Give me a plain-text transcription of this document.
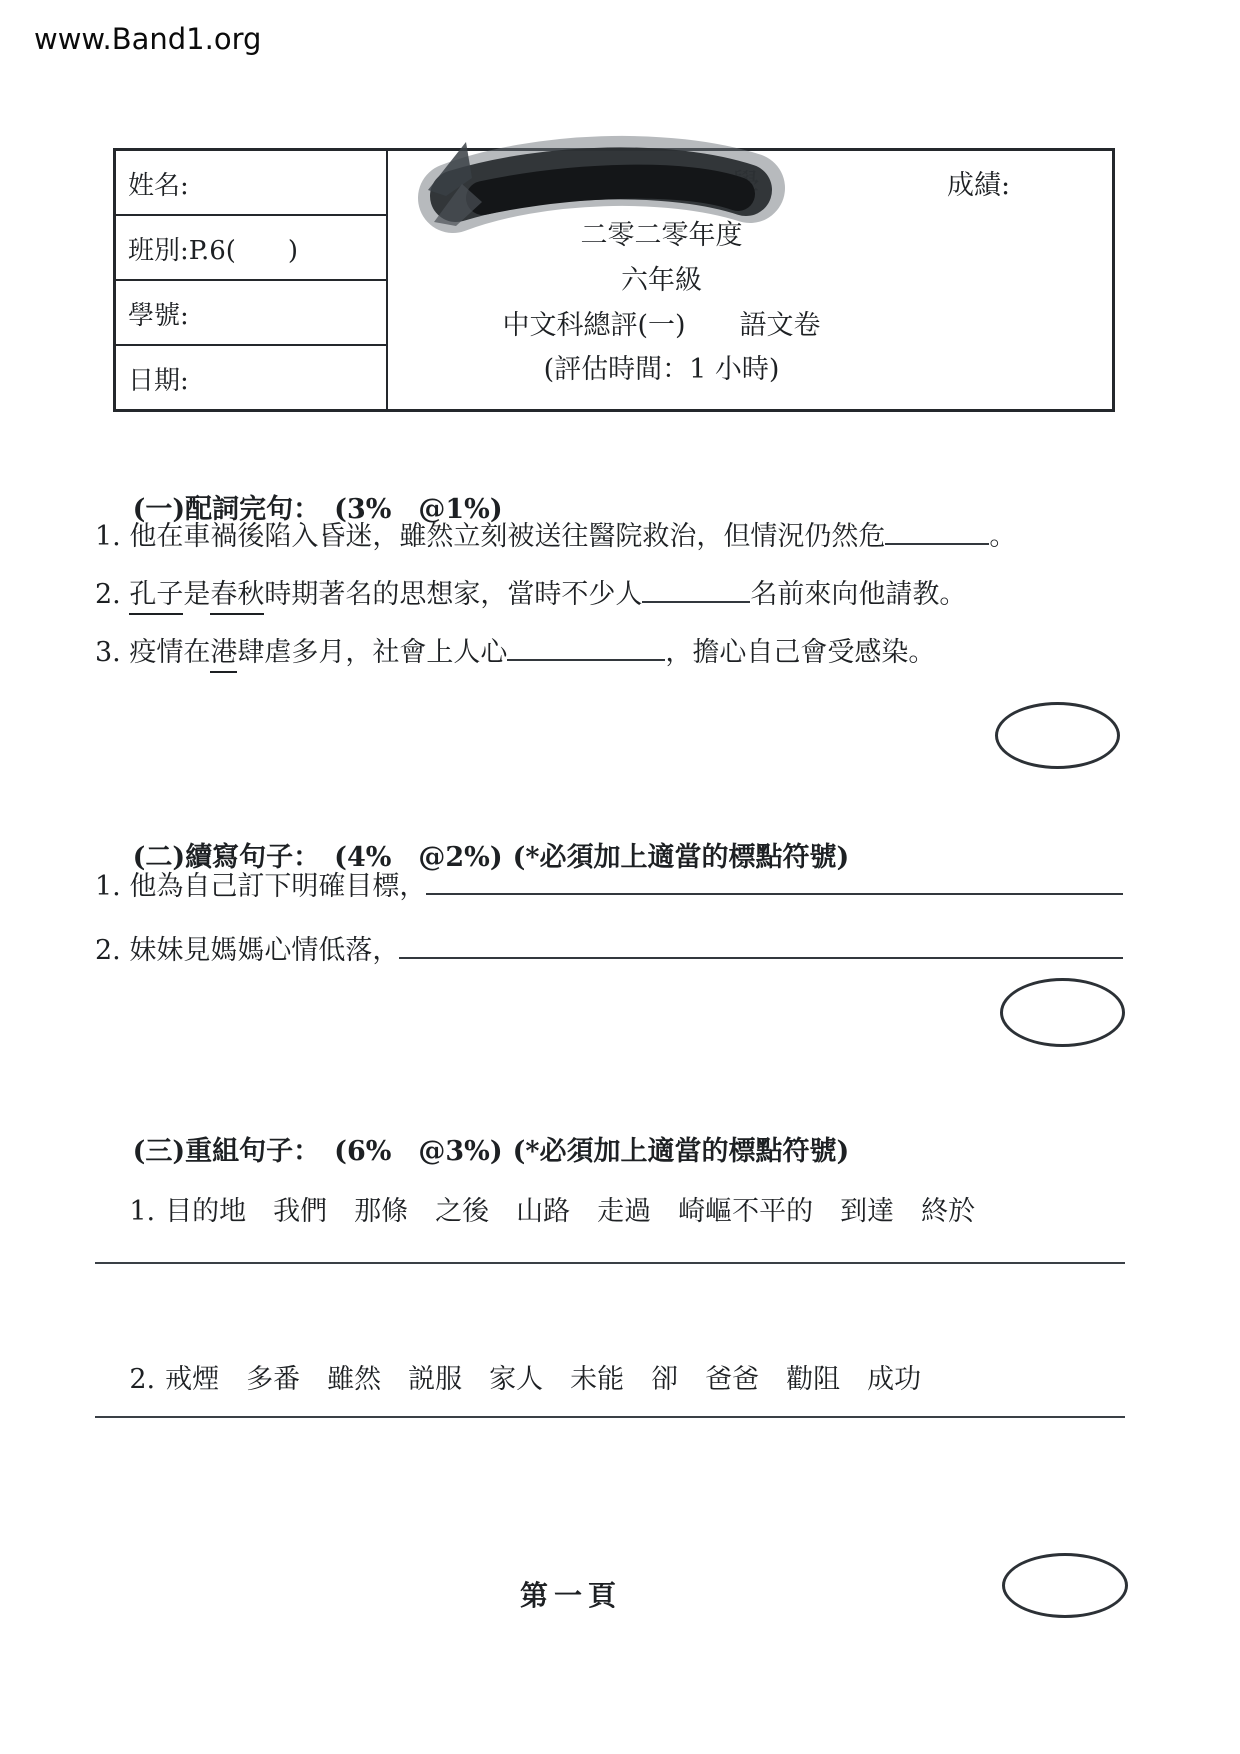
www.Band1.org
姓名:
班別:P.6(　　)
學號:
日期:
二零二零年度
六年級
中文科總評(一)　　語文卷
(評估時間：1 小時)
成績:
學

(一)配詞完句： (3%　@1%)

1. 他在車禍後陷入昏迷，雖然立刻被送往醫院救治，但情況仍然危	。
2. 孔子 是 春秋 時期著名的思想家，當時不少人	名前來向他請教。
3. 疫情在 港 肆虐多月，社會上人心	，擔心自己會受感染。

(二)續寫句子： (4%　@2%) (*必須加上適當的標點符號)

1. 他為自己訂下明確目標，
2. 妹妹見媽媽心情低落，

(三)重組句子： (6%　@3%) (*必須加上適當的標點符號)

1. 目的地　我們　那條　之後　山路　走過　崎嶇不平的　到達　終於

2. 戒煙　多番　雖然　説服　家人　未能　卻　爸爸　勸阻　成功

第一頁
